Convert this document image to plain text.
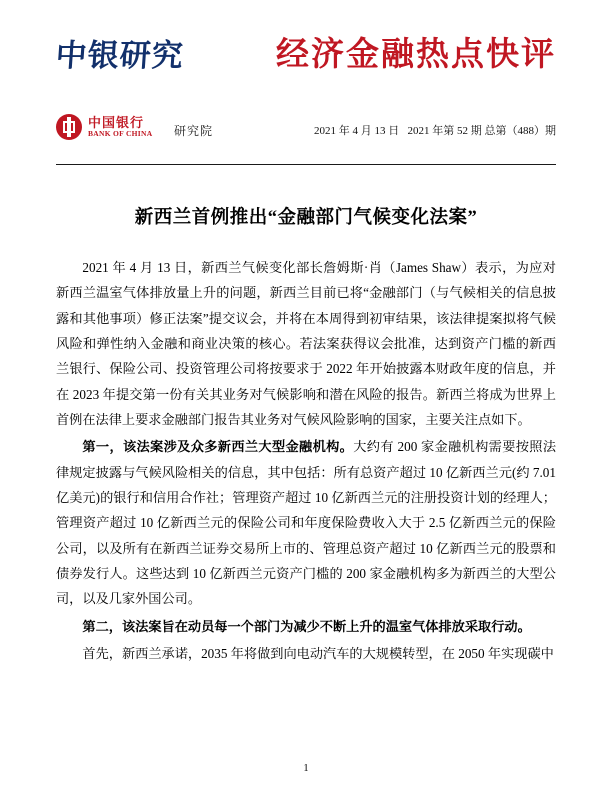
中银研究	经济金融热点快评
中国银行
BANK OF CHINA 研究院	2021 年 4 月 13 日 2021 年第 52 期 总第（488）期
新西兰首例推出“金融部门气候变化法案”

2021 年 4 月 13 日，新西兰气候变化部长詹姆斯·肖（James Shaw）表示，为应对新西兰温室气体排放量上升的问题，新西兰目前已将“金融部门（与气候相关的信息披露和其他事项）修正法案”提交议会，并将在本周得到初审结果，该法律提案拟将气候风险和弹性纳入金融和商业决策的核心。若法案获得议会批准，达到资产门槛的新西兰银行、保险公司、投资管理公司将按要求于 2022 年开始披露本财政年度的信息，并在 2023 年提交第一份有关其业务对气候影响和潜在风险的报告。新西兰将成为世界上首例在法律上要求金融部门报告其业务对气候风险影响的国家，主要关注点如下。

第一，该法案涉及众多新西兰大型金融机构。大约有 200 家金融机构需要按照法律规定披露与气候风险相关的信息，其中包括：所有总资产超过 10 亿新西兰元(约 7.01 亿美元)的银行和信用合作社；管理资产超过 10 亿新西兰元的注册投资计划的经理人；管理资产超过 10 亿新西兰元的保险公司和年度保险费收入大于 2.5 亿新西兰元的保险公司，以及所有在新西兰证券交易所上市的、管理总资产超过 10 亿新西兰元的股票和债券发行人。这些达到 10 亿新西兰元资产门槛的 200 家金融机构多为新西兰的大型公司，以及几家外国公司。

第二，该法案旨在动员每一个部门为减少不断上升的温室气体排放采取行动。

首先，新西兰承诺，2035 年将做到向电动汽车的大规模转型，在 2050 年实现碳中

1
